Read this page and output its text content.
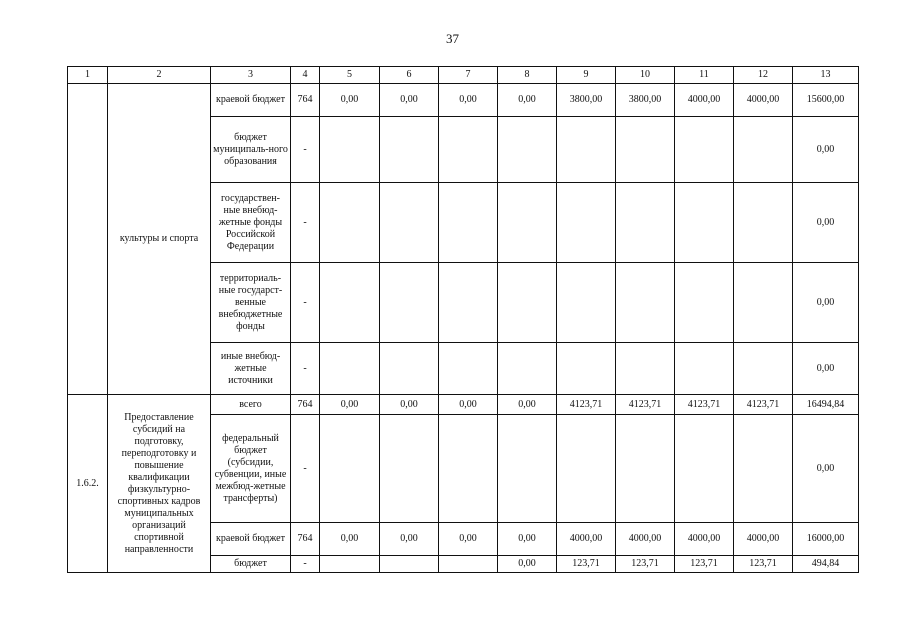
37
1	2	3	4	5	6	7	8	9	10	11	12	13
	культуры и спорта	краевой бюджет	764	0,00	0,00	0,00	0,00	3800,00	3800,00	4000,00	4000,00	15600,00
		бюджет муниципаль-ного образования	-									0,00
		государствен-ные внебюд-жетные фонды Российской Федерации	-									0,00
		территориаль-ные государст-венные внебюджетные фонды	-									0,00
		иные внебюд-жетные источники	-									0,00
1.6.2.	Предоставление субсидий на подготовку, переподготовку и повышение квалификации физкультурно-спортивных кадров муниципальных организаций спортивной направленности	всего	764	0,00	0,00	0,00	0,00	4123,71	4123,71	4123,71	4123,71	16494,84
		федеральный бюджет (субсидии, субвенции, иные межбюд-жетные трансферты)	-									0,00
		краевой бюджет	764	0,00	0,00	0,00	0,00	4000,00	4000,00	4000,00	4000,00	16000,00
		бюджет	-				0,00	123,71	123,71	123,71	123,71	494,84
